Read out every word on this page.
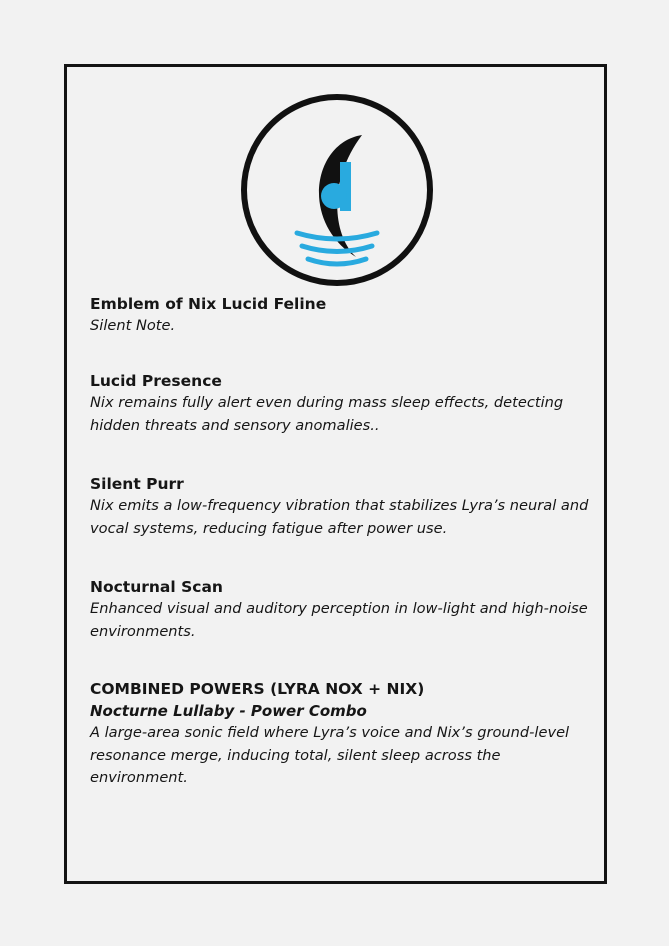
Emblem of Nix Lucid Feline

Silent Note.

Lucid Presence

Nix remains fully alert even during mass sleep effects, detecting hidden threats and sensory anomalies..

Silent Purr

Nix emits a low-frequency vibration that stabilizes Lyra’s neural and vocal systems, reducing fatigue after power use.

Nocturnal Scan

Enhanced visual and auditory perception in low-light and high-noise environments.

COMBINED POWERS (LYRA NOX + NIX)

Nocturne Lullaby - Power Combo

A large-area sonic field where Lyra’s voice and Nix’s ground-level resonance merge, inducing total, silent sleep across the environment.
